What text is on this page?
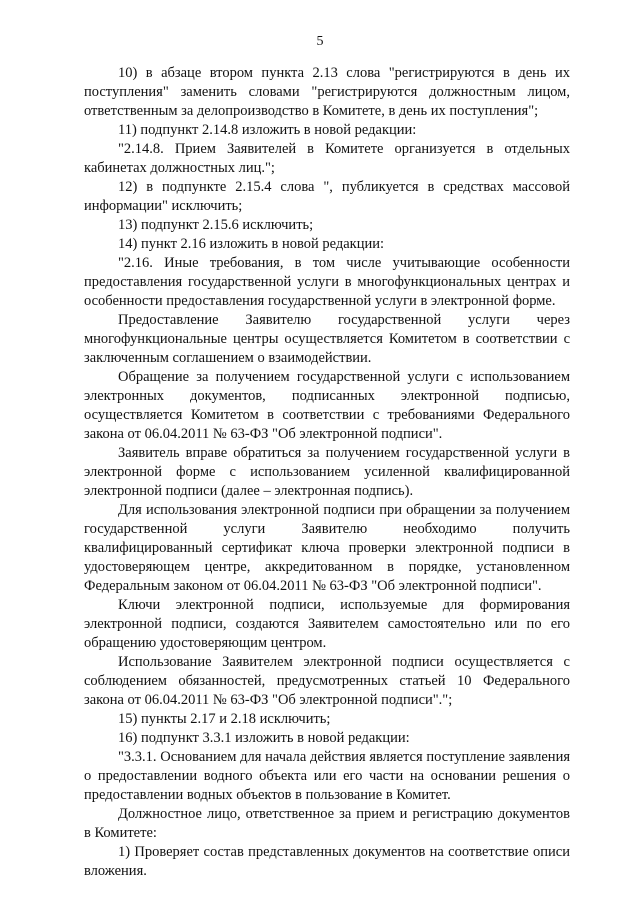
5

10) в абзаце втором пункта 2.13 слова "регистрируются в день их поступления" заменить словами "регистрируются должностным лицом, ответственным за делопроизводство в Комитете, в день их поступления";

11) подпункт 2.14.8 изложить в новой редакции:

"2.14.8. Прием Заявителей в Комитете организуется в отдельных кабинетах должностных лиц.";

12) в подпункте 2.15.4 слова ", публикуется в средствах массовой информации" исключить;

13) подпункт 2.15.6 исключить;

14) пункт 2.16 изложить в новой редакции:

"2.16. Иные требования, в том числе учитывающие особенности предоставления государственной услуги в многофункциональных центрах и особенности предоставления государственной услуги в электронной форме.

Предоставление Заявителю государственной услуги через многофункциональные центры осуществляется Комитетом в соответствии с заключенным соглашением о взаимодействии.

Обращение за получением государственной услуги с использованием электронных документов, подписанных электронной подписью, осуществляется Комитетом в соответствии с требованиями Федерального закона от 06.04.2011 № 63-ФЗ "Об электронной подписи".

Заявитель вправе обратиться за получением государственной услуги в электронной форме с использованием усиленной квалифицированной электронной подписи (далее – электронная подпись).

Для использования электронной подписи при обращении за получением государственной услуги Заявителю необходимо получить квалифицированный сертификат ключа проверки электронной подписи в удостоверяющем центре, аккредитованном в порядке, установленном Федеральным законом от 06.04.2011 № 63-ФЗ "Об электронной подписи".

Ключи электронной подписи, используемые для формирования электронной подписи, создаются Заявителем самостоятельно или по его обращению удостоверяющим центром.

Использование Заявителем электронной подписи осуществляется с соблюдением обязанностей, предусмотренных статьей 10 Федерального закона от 06.04.2011 № 63-ФЗ "Об электронной подписи".";

15) пункты 2.17 и 2.18 исключить;

16) подпункт 3.3.1 изложить в новой редакции:

"3.3.1. Основанием для начала действия является поступление заявления о предоставлении водного объекта или его части на основании решения о предоставлении водных объектов в пользование в Комитет.

Должностное лицо, ответственное за прием и регистрацию документов в Комитете:

1) Проверяет состав представленных документов на соответствие описи вложения.
